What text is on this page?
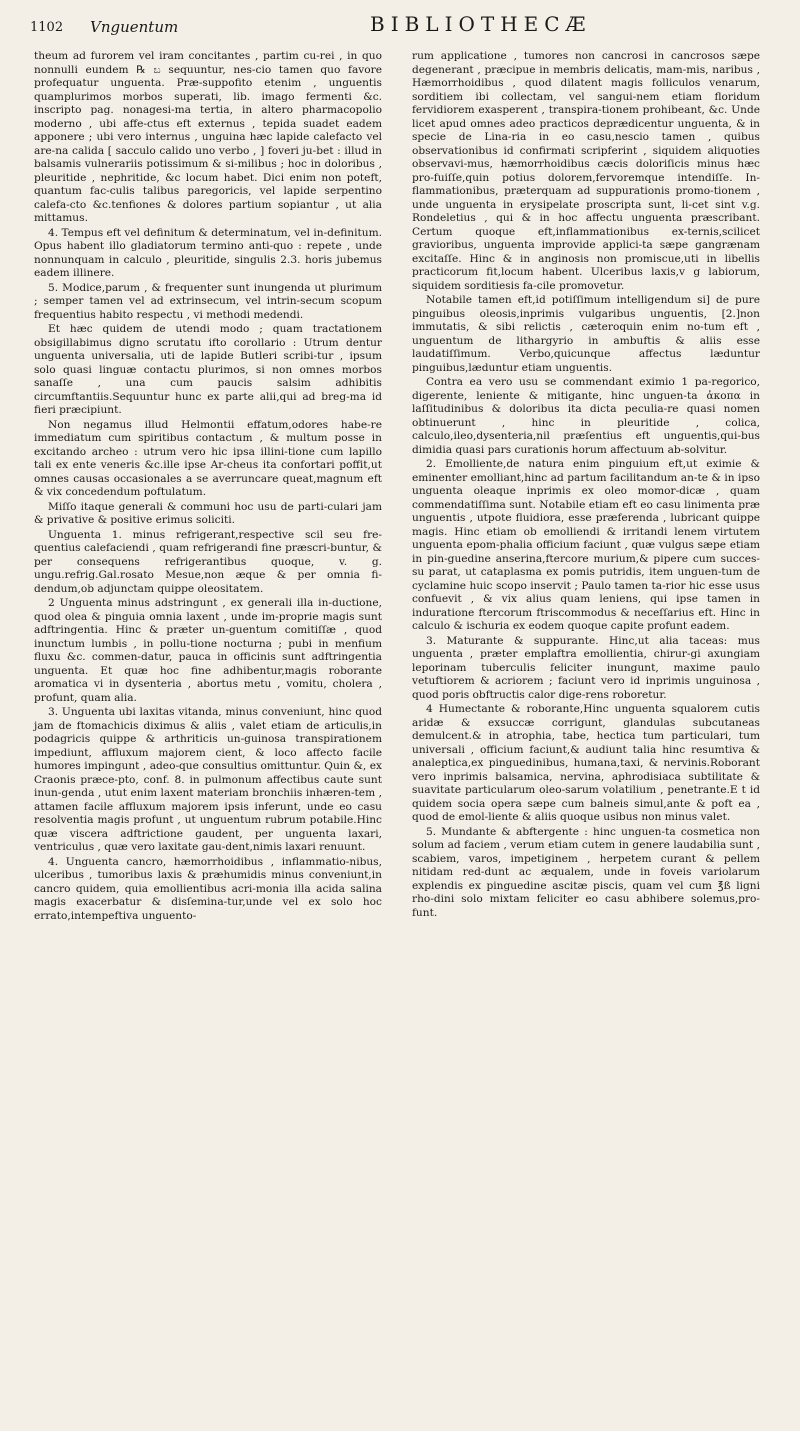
1102 Vnguentum	BIBLIOTHECÆ

theum ad furorem vel iram concitantes , partim cu-rei , in quo nonnulli eundem ℞ ಬ sequuntur, nes-cio tamen quo favore profequatur unguenta. Præ-suppofito etenim , unguentis quamplurimos morbos superati, lib. imago fermenti &c. inscripto pag. nonagesi-ma tertia, in altero pharmacopolio moderno , ubi affe-ctus eft externus , tepida suadet eadem apponere ; ubi vero internus , unguina hæc lapide calefacto vel are-na calida [ sacculo calido uno verbo , ] foveri ju-bet : illud in balsamis vulnerariis potissimum & si-milibus ; hoc in doloribus , pleuritide , nephritide, &c locum habet. Dici enim non poteft, quantum fac-culis talibus paregoricis, vel lapide serpentino calefa-cto &c.tenfiones & dolores partium sopiantur , ut alia mittamus.

4. Tempus eft vel definitum & determinatum, vel in-definitum. Opus habent illo gladiatorum termino anti-quo : repete , unde nonnunquam in calculo , pleuritide, singulis 2.3. horis jubemus eadem illinere.

5. Modice,parum , & frequenter sunt inungenda ut plurimum ; semper tamen vel ad extrinsecum, vel intrin-secum scopum frequentius habito respectu , vi methodi medendi.

Et hæc quidem de utendi modo ; quam tractationem obsigillabimus digno scrutatu ifto corollario : Utrum dentur unguenta universalia, uti de lapide Butleri scribi-tur , ipsum solo quasi linguæ contactu plurimos, si non omnes morbos sanaſſe , una cum paucis salsim adhibitis circumftantiis.Sequuntur hunc ex parte alii,qui ad breg-ma id fieri præcipiunt.

Non negamus illud Helmontii effatum,odores habe-re immediatum cum spiritibus contactum , & multum posse in excitando archeo : utrum vero hic ipsa illini-tione cum lapillo tali ex ente veneris &c.ille ipse Ar-cheus ita confortari poffit,ut omnes causas occasionales a se averruncare queat,magnum eft & vix concedendum poftulatum.

Miſſo itaque generali & communi hoc usu de parti-culari jam & privative & positive erimus soliciti.

Unguenta 1. minus refrigerant,respective scil seu fre-quentius calefaciendi , quam refrigerandi fine præscri-buntur, & per consequens refrigerantibus quoque, v. g. ungu.refrig.Gal.rosato Mesue,non æque & per omnia fi-dendum,ob adjunctam quippe oleositatem.

2 Unguenta minus adstringunt , ex generali illa in-ductione, quod olea & pinguia omnia laxent , unde im-proprie magis sunt adftringentia. Hinc & præter un-guentum comitiſſæ , quod inunctum lumbis , in pollu-tione nocturna ; pubi in menfium fluxu &c. commen-datur, pauca in officinis sunt adftringentia unguenta. Et quæ hoc fine adhibentur,magis roborante aromatica vi in dysenteria , abortus metu , vomitu, cholera , profunt, quam alia.

3. Unguenta ubi laxitas vitanda, minus conveniunt, hinc quod jam de ftomachicis diximus & aliis , valet etiam de articulis,in podagricis quippe & arthriticis un-guinosa transpirationem impediunt, affluxum majorem cient, & loco affecto facile humores impingunt , adeo-que consultius omittuntur. Quin &, ex Craonis præce-pto, conf. 8. in pulmonum affectibus caute sunt inun-genda , utut enim laxent materiam bronchiis inhæren-tem , attamen facile affluxum majorem ipsis inferunt, unde eo casu resolventia magis profunt , ut unguentum rubrum potabile.Hinc quæ viscera adftrictione gaudent, per unguenta laxari, ventriculus , quæ vero laxitate gau-dent,nimis laxari renuunt.

4. Unguenta cancro, hæmorrhoidibus , inflammatio-nibus, ulceribus , tumoribus laxis & præhumidis minus conveniunt,in cancro quidem, quia emollientibus acri-monia illa acida salina magis exacerbatur & disſemina-tur,unde vel ex solo hoc errato,intempeftiva unguento-

rum applicatione , tumores non cancrosi in cancrosos sæpe degenerant , præcipue in membris delicatis, mam-mis, naribus , Hæmorrhoidibus , quod dilatent magis folliculos venarum, sorditiem ibi collectam, vel sangui-nem etiam floridum fervidiorem exasperent , transpira-tionem prohibeant, &c. Unde licet apud omnes adeo practicos deprædicentur unguenta, & in specie de Lina-ria in eo casu,nescio tamen , quibus observationibus id confirmati scripferint , siquidem aliquoties observavi-mus, hæmorrhoidibus cæcis doloriſicis minus hæc pro-fuiſſe,quin potius dolorem,fervoremque intendiſſe. In-flammationibus, præterquam ad suppurationis promo-tionem , unde unguenta in erysipelate proscripta sunt, li-cet sint v.g. Rondeletius , qui & in hoc affectu unguenta præscribant. Certum quoque eft,inflammationibus ex-ternis,scilicet gravioribus, unguenta improvide applici-ta sæpe gangrænam excitaſſe. Hinc & in anginosis non promiscue,uti in libellis practicorum fit,locum habent. Ulceribus laxis,v g labiorum, siquidem sorditiesis fa-cile promovetur.

Notabile tamen eft,id potiſſimum intelligendum si] de pure pinguibus oleosis,inprimis vulgaribus unguentis, [2.]non immutatis, & sibi relictis , cæteroquin enim no-tum eft , unguentum de lithargyrio in ambuftis & aliis esse laudatiſſimum. Verbo,quicunque affectus læduntur pinguibus,læduntur etiam unguentis.

Contra ea vero usu se commendant eximio 1 pa-regorico, digerente, leniente & mitigante, hinc unguen-ta ἀκοπα in laſſitudinibus & doloribus ita dicta peculia-re quasi nomen obtinuerunt , hinc in pleuritide , colica, calculo,ileo,dysenteria,nil præſentius eft unguentis,qui-bus dimidia quasi pars curationis horum affectuum ab-solvitur.

2. Emolliente,de natura enim pinguium eft,ut eximie & eminenter emolliant,hinc ad partum facilitandum an-te & in ipso unguenta oleaque inprimis ex oleo momor-dicæ , quam commendatiſſima sunt. Notabile etiam eft eo casu linimenta præ unguentis , utpote fluidiora, esse præferenda , lubricant quippe magis. Hinc etiam ob emolliendi & irritandi lenem virtutem unguenta epom-phalia officium faciunt , quæ vulgus sæpe etiam in pin-guedine anserina,ftercore murium,& pipere cum succes-su parat, ut cataplasma ex pomis putridis, item unguen-tum de cyclamine huic scopo inservit ; Paulo tamen ta-rior hic esse usus confuevit , & vix alius quam leniens, qui ipse tamen in induratione ftercorum ftriscommodus & neceſſarius eft. Hinc in calculo & ischuria ex eodem quoque capite profunt eadem.

3. Maturante & suppurante. Hinc,ut alia taceas: mus unguenta , præter emplaftra emollientia, chirur-gi axungiam leporinam tuberculis feliciter inungunt, maxime paulo vetuftiorem & acriorem ; faciunt vero id inprimis unguinosa , quod poris obftructis calor dige-rens roboretur.

4 Humectante & roborante,Hinc unguenta squalorem cutis aridæ & exsuccæ corrigunt, glandulas subcutaneas demulcent.& in atrophia, tabe, hectica tum particulari, tum universali , officium faciunt,& audiunt talia hinc resumtiva & analeptica,ex pinguedinibus, humana,taxi, & nervinis.Roborant vero inprimis balsamica, nervina, aphrodisiaca subtilitate & suavitate particularum oleo-sarum volatilium , penetrante.E t id quidem socia opera sæpe cum balneis simul,ante & poft ea , quod de emol-liente & aliis quoque usibus non minus valet.

5. Mundante & abftergente : hinc unguen-ta cosmetica non solum ad faciem , verum etiam cutem in genere laudabilia sunt , scabiem, varos, impetiginem , herpetem curant & pellem nitidam red-dunt ac æqualem, unde in foveis variolarum explendis ex pinguedine ascitæ piscis, quam vel cum ℥ß ligni rho-dini solo mixtam feliciter eo casu abhibere solemus,pro-funt.
